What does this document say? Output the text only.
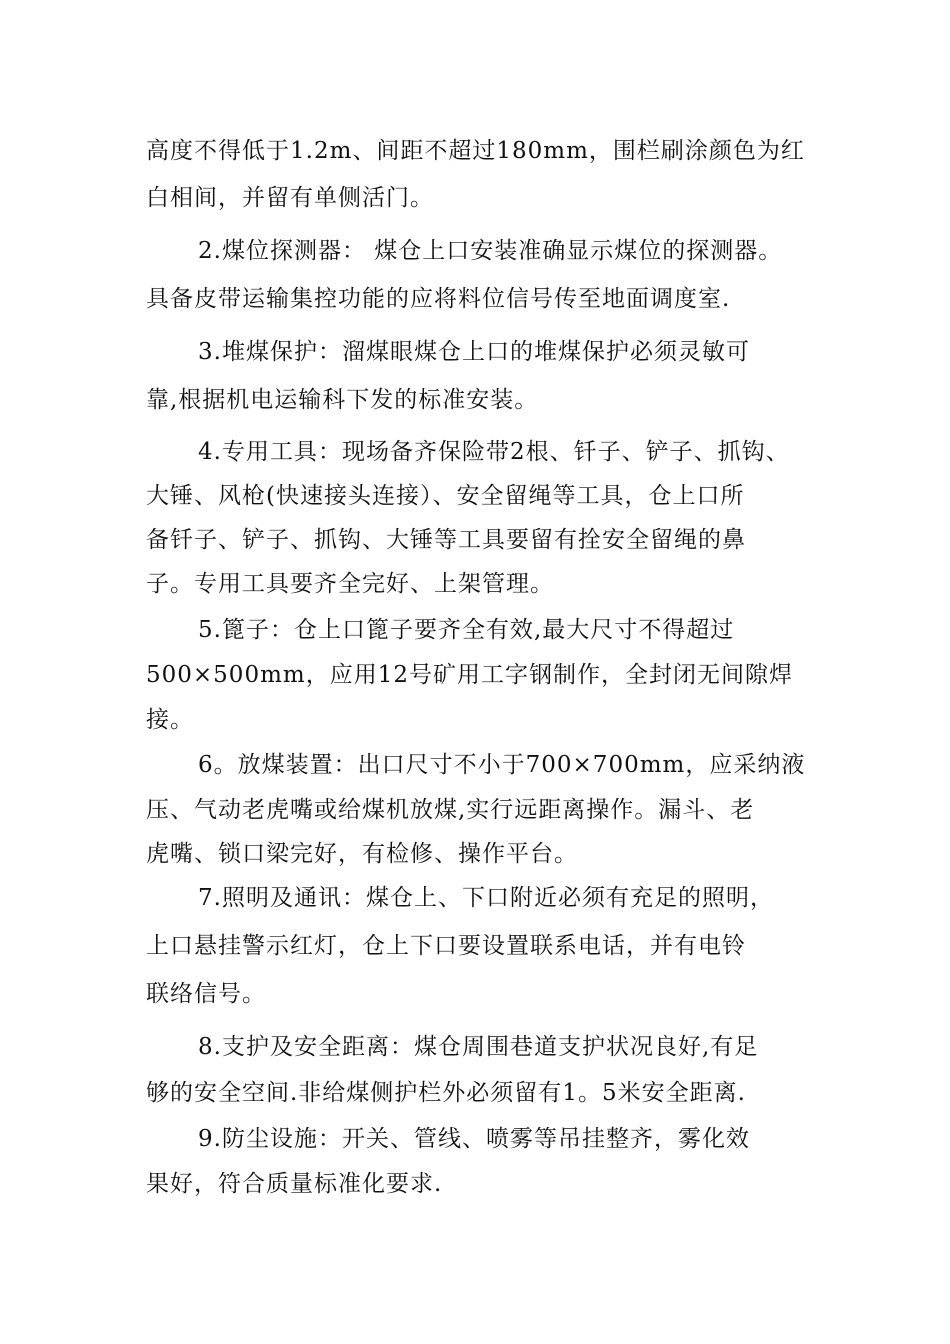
高度不得低于1.2m、间距不超过180mm，围栏刷涂颜色为红
白相间，并留有单侧活门。
2.煤位探测器： 煤仓上口安装准确显示煤位的探测器。
具备皮带运输集控功能的应将料位信号传至地面调度室.
3.堆煤保护：溜煤眼煤仓上口的堆煤保护必须灵敏可
靠,根据机电运输科下发的标准安装。
4.专用工具：现场备齐保险带2根、钎子、铲子、抓钩、
大锤、风枪(快速接头连接）、安全留绳等工具，仓上口所
备钎子、铲子、抓钩、大锤等工具要留有拴安全留绳的鼻
子。专用工具要齐全完好、上架管理。
5.篦子：仓上口篦子要齐全有效,最大尺寸不得超过
500×500mm，应用12号矿用工字钢制作，全封闭无间隙焊
接。
6。放煤装置：出口尺寸不小于700×700mm，应采纳液
压、气动老虎嘴或给煤机放煤,实行远距离操作。漏斗、老
虎嘴、锁口梁完好，有检修、操作平台。
7.照明及通讯：煤仓上、下口附近必须有充足的照明，
上口悬挂警示红灯，仓上下口要设置联系电话，并有电铃
联络信号。
8.支护及安全距离：煤仓周围巷道支护状况良好,有足
够的安全空间.非给煤侧护栏外必须留有1。5米安全距离.
9.防尘设施：开关、管线、喷雾等吊挂整齐，雾化效
果好，符合质量标准化要求.
